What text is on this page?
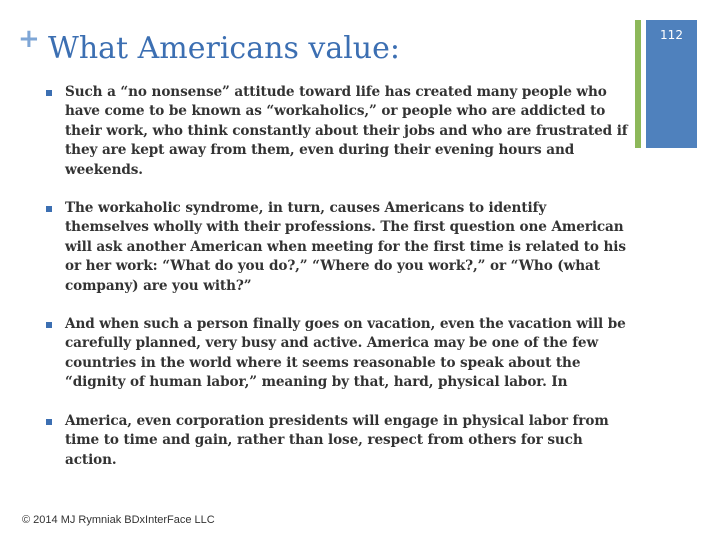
+ What Americans value:	112
Such a “no nonsense” attitude toward life has created many people who have come to be known as “workaholics,” or people who are addicted to their work, who think constantly about their jobs and who are frustrated if they are kept away from them, even during their evening hours and weekends.
The workaholic syndrome, in turn, causes Americans to identify themselves wholly with their professions. The first question one American will ask another American when meeting for the first time is related to his or her work: “What do you do?,” “Where do you work?,” or “Who (what company) are you with?”
And when such a person finally goes on vacation, even the vacation will be carefully planned, very busy and active. America may be one of the few countries in the world where it seems reasonable to speak about the “dignity of human labor,” meaning by that, hard, physical labor. In
America, even corporation presidents will engage in physical labor from time to time and gain, rather than lose, respect from others for such action.
© 2014 MJ Rymniak BDxInterFace LLC
